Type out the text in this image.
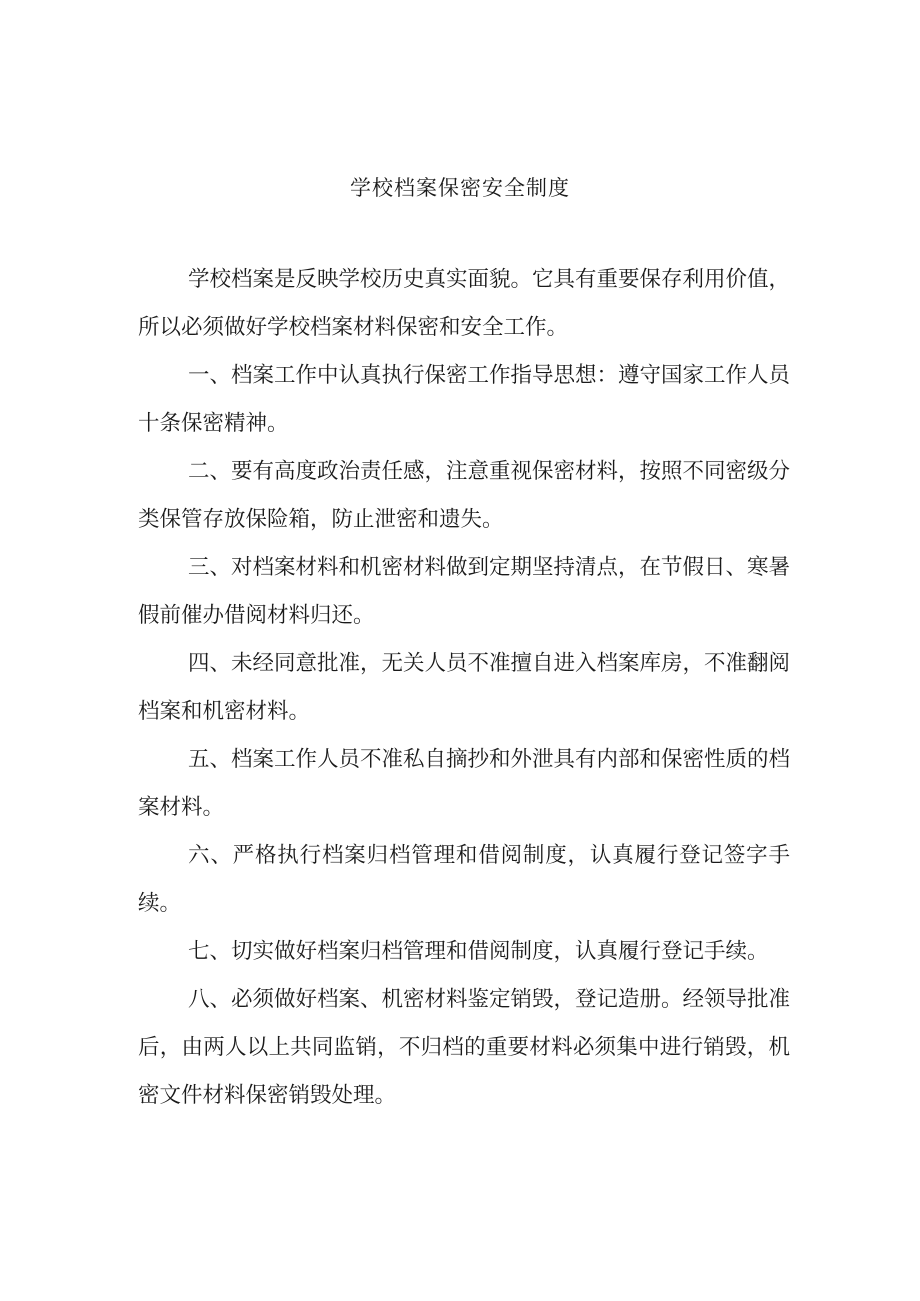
学校档案保密安全制度

学校档案是反映学校历史真实面貌。它具有重要保存利用价值，所以必须做好学校档案材料保密和安全工作。

一、档案工作中认真执行保密工作指导思想：遵守国家工作人员十条保密精神。

二、要有高度政治责任感，注意重视保密材料，按照不同密级分类保管存放保险箱，防止泄密和遗失。

三、对档案材料和机密材料做到定期坚持清点，在节假日、寒暑假前催办借阅材料归还。

四、未经同意批准，无关人员不准擅自进入档案库房，不准翻阅档案和机密材料。

五、档案工作人员不准私自摘抄和外泄具有内部和保密性质的档案材料。

六、严格执行档案归档管理和借阅制度，认真履行登记签字手续。

七、切实做好档案归档管理和借阅制度，认真履行登记手续。

八、必须做好档案、机密材料鉴定销毁，登记造册。经领导批准后，由两人以上共同监销，不归档的重要材料必须集中进行销毁，机密文件材料保密销毁处理。
